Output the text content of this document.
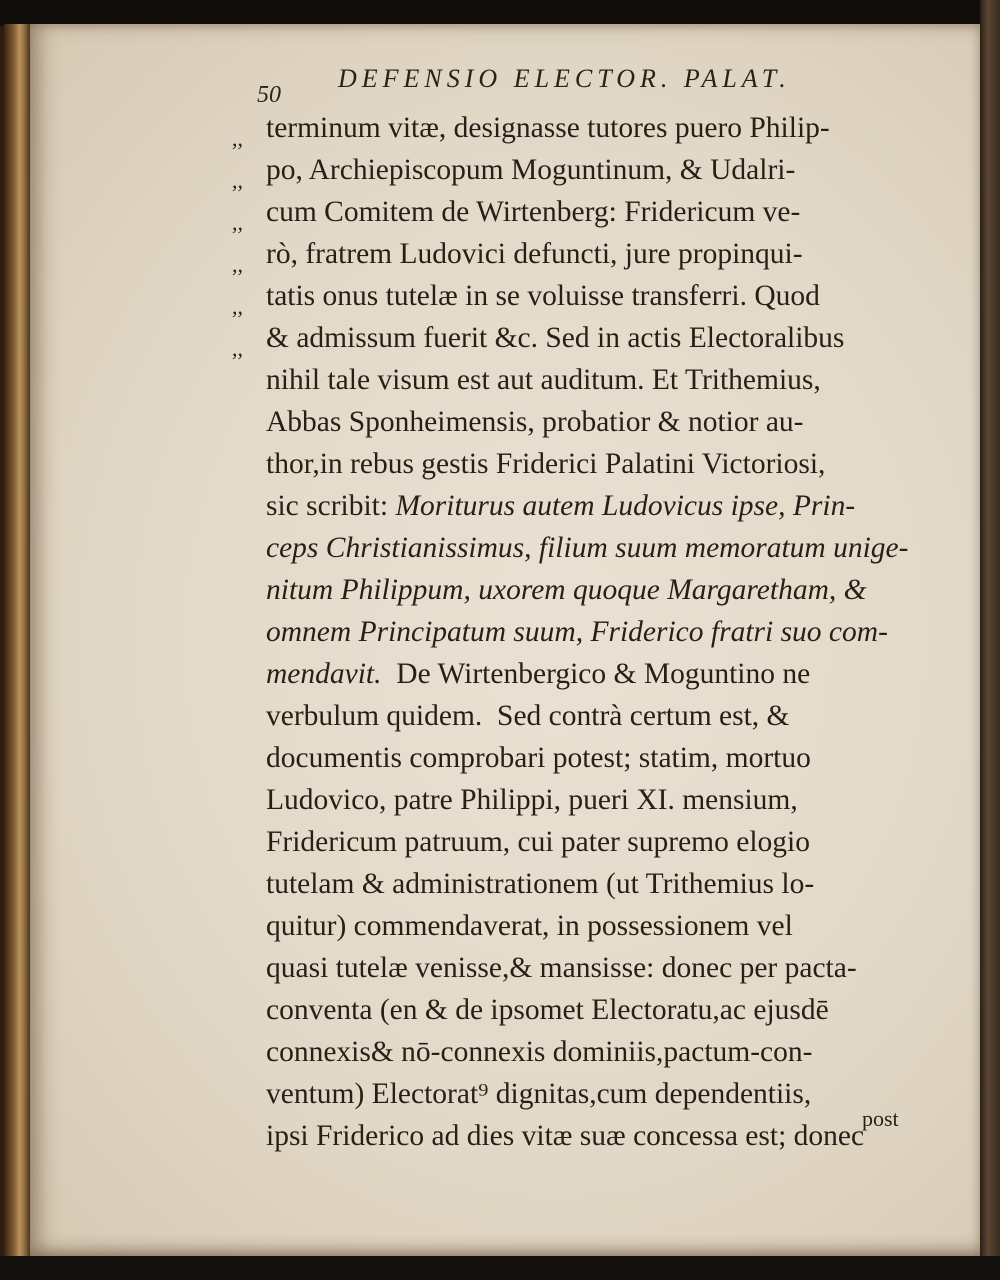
50
DEFENSIO ELECTOR. PALAT.
,,
,,
,,
,,
,,
,,
terminum vitæ, designasse tutores puero Philip-
po, Archiepiscopum Moguntinum, & Udalri-
cum Comitem de Wirtenberg: Fridericum ve-
rò, fratrem Ludovici defuncti, jure propinqui-
tatis onus tutelæ in se voluisse transferri. Quod
& admissum fuerit &c. Sed in actis Electoralibus
nihil tale visum est aut auditum. Et Trithemius,
Abbas Sponheimensis, probatior & notior au-
thor,in rebus gestis Friderici Palatini Victoriosi,
sic scribit: Moriturus autem Ludovicus ipse, Prin-
ceps Christianissimus, filium suum memoratum unige-
nitum Philippum, uxorem quoque Margaretham, &
omnem Principatum suum, Friderico fratri suo com-
mendavit.  De Wirtenbergico & Moguntino ne
verbulum quidem.  Sed contrà certum est, &
documentis comprobari potest; statim, mortuo
Ludovico, patre Philippi, pueri XI. mensium,
Fridericum patruum, cui pater supremo elogio
tutelam & administrationem (ut Trithemius lo-
quitur) commendaverat, in possessionem vel
quasi tutelæ venisse,& mansisse: donec per pacta-
conventa (en & de ipsomet Electoratu,ac ejusdē
connexis& nō-connexis dominiis,pactum-con-
ventum) Electorat⁹ dignitas,cum dependentiis,
ipsi Friderico ad dies vitæ suæ concessa est; donec
post
